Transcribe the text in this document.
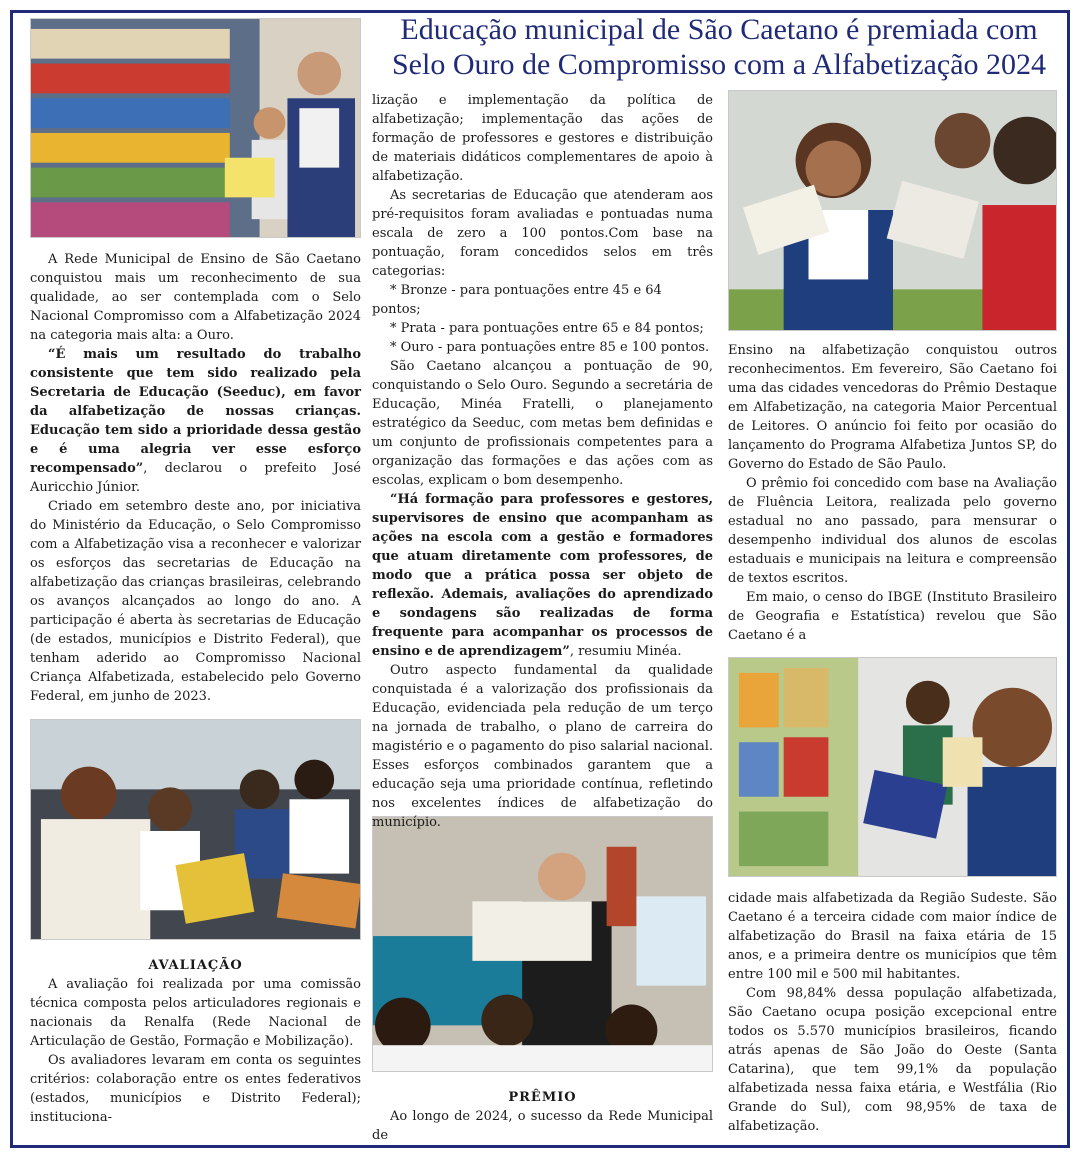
Educação municipal de São Caetano é premiada com Selo Ouro de Compromisso com a Alfabetização 2024

A Rede Municipal de Ensino de São Caetano conquistou mais um reconhecimento de sua qualidade, ao ser contemplada com o Selo Nacional Compromisso com a Alfabetização 2024 na categoria mais alta: a Ouro.

“É mais um resultado do trabalho consistente que tem sido realizado pela Secretaria de Educação (Seeduc), em favor da alfabetização de nossas crianças. Educação tem sido a prioridade dessa gestão e é uma alegria ver esse esforço recompensado”, declarou o prefeito José Auricchio Júnior.

Criado em setembro deste ano, por iniciativa do Ministério da Educação, o Selo Compromisso com a Alfabetização visa a reconhecer e valorizar os esforços das secretarias de Educação na alfabetização das crianças brasileiras, celebrando os avanços alcançados ao longo do ano. A participação é aberta às secretarias de Educação (de estados, municípios e Distrito Federal), que tenham aderido ao Compromisso Nacional Criança Alfabetizada, estabelecido pelo Governo Federal, em junho de 2023.

AVALIAÇÃO

A avaliação foi realizada por uma comissão técnica composta pelos articuladores regionais e nacionais da Renalfa (Rede Nacional de Articulação de Gestão, Formação e Mobilização).

Os avaliadores levaram em conta os seguintes critérios: colaboração entre os entes federativos (estados, municípios e Distrito Federal); instituciona-

lização e implementação da política de alfabetização; implementação das ações de formação de professores e gestores e distribuição de materiais didáticos complementares de apoio à alfabetização.

As secretarias de Educação que atenderam aos pré-requisitos foram avaliadas e pontuadas numa escala de zero a 100 pontos.Com base na pontuação, foram concedidos selos em três categorias:

* Bronze - para pontuações entre 45 e 64 pontos;

* Prata - para pontuações entre 65 e 84 pontos;

* Ouro - para pontuações entre 85 e 100 pontos.

São Caetano alcançou a pontuação de 90, conquistando o Selo Ouro. Segundo a secretária de Educação, Minéa Fratelli, o planejamento estratégico da Seeduc, com metas bem definidas e um conjunto de profissionais competentes para a organização das formações e das ações com as escolas, explicam o bom desempenho.

“Há formação para professores e gestores, supervisores de ensino que acompanham as ações na escola com a gestão e formadores que atuam diretamente com professores, de modo que a prática possa ser objeto de reflexão. Ademais, avaliações do aprendizado e sondagens são realizadas de forma frequente para acompanhar os processos de ensino e de aprendizagem”, resumiu Minéa.

Outro aspecto fundamental da qualidade conquistada é a valorização dos profissionais da Educação, evidenciada pela redução de um terço na jornada de trabalho, o plano de carreira do magistério e o pagamento do piso salarial nacional. Esses esforços combinados garantem que a educação seja uma prioridade contínua, refletindo nos excelentes índices de alfabetização do município.

PRÊMIO

Ao longo de 2024, o sucesso da Rede Municipal de

Ensino na alfabetização conquistou outros reconhecimentos. Em fevereiro, São Caetano foi uma das cidades vencedoras do Prêmio Destaque em Alfabetização, na categoria Maior Percentual de Leitores. O anúncio foi feito por ocasião do lançamento do Programa Alfabetiza Juntos SP, do Governo do Estado de São Paulo.

O prêmio foi concedido com base na Avaliação de Fluência Leitora, realizada pelo governo estadual no ano passado, para mensurar o desempenho individual dos alunos de escolas estaduais e municipais na leitura e compreensão de textos escritos.

Em maio, o censo do IBGE (Instituto Brasileiro de Geografia e Estatística) revelou que São Caetano é a

cidade mais alfabetizada da Região Sudeste. São Caetano é a terceira cidade com maior índice de alfabetização do Brasil na faixa etária de 15 anos, e a primeira dentre os municípios que têm entre 100 mil e 500 mil habitantes.

Com 98,84% dessa população alfabetizada, São Caetano ocupa posição excepcional entre todos os 5.570 municípios brasileiros, ficando atrás apenas de São João do Oeste (Santa Catarina), que tem 99,1% da população alfabetizada nessa faixa etária, e Westfália (Rio Grande do Sul), com 98,95% de taxa de alfabetização.
